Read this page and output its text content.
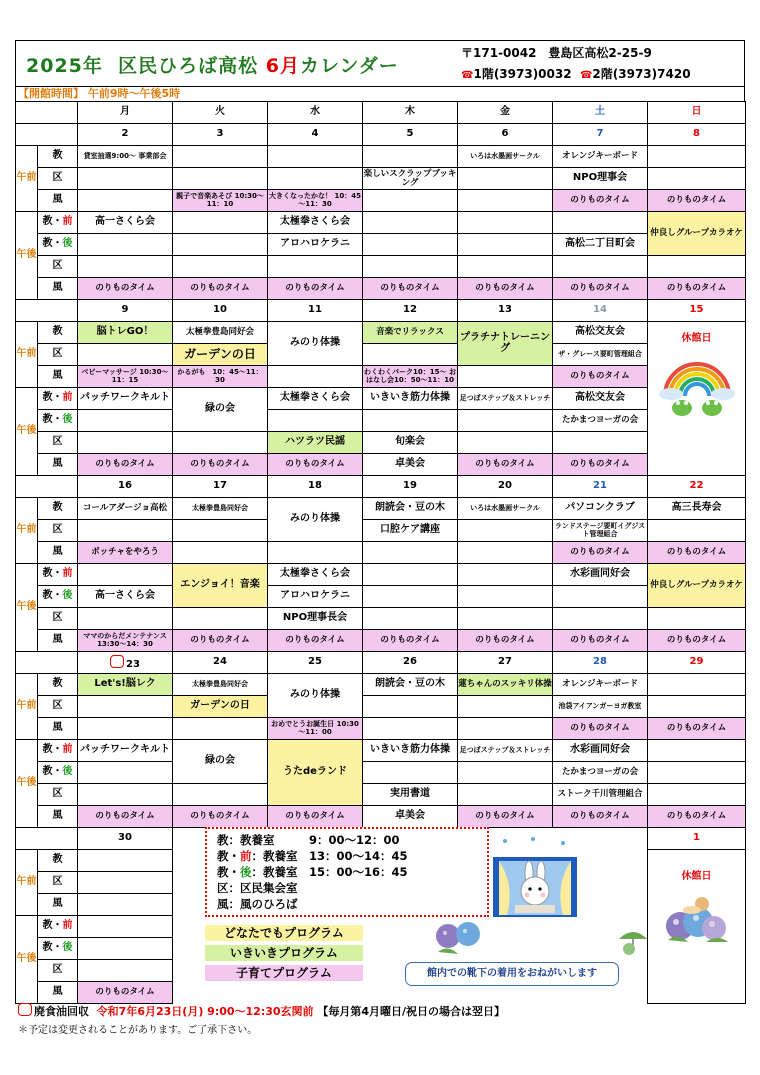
2025年 区民ひろば高松 6月カレンダー
〒171-0042　豊島区高松2-25-9
☎1階(3973)0032 ☎2階(3973)7420
【開館時間】 午前9時～午後5時
		月	火	水	木	金	土	日
		2	3	4	5	6	7	8
午前	教	貸室抽選9:00～ 事業部会				いろは水墨画サークル	オレンジキーボード	
	区				楽しいスクラップブッキング		NPO理事会	
	風		親子で音楽あそび 10:30～11：10	大きくなったかな！ 10：45～11：30			のりものタイム	のりものタイム
午後	教・前	高一さくら会		太極拳さくら会				仲良しグループカラオケ
	教・後			アロハロケラニ			高松二丁目町会	
	区							
	風	のりものタイム	のりものタイム	のりものタイム	のりものタイム	のりものタイム	のりものタイム	のりものタイム
		9	10	11	12	13	14	15
午前	教	脳トレGO！	太極拳豊島同好会	みのり体操	音楽でリラックス	プラチナトレーニング	高松交友会	休館日

	区		ガーデンの日				ザ・グレース要町管理組合	
	風	ベビーマッサージ 10:30～11：15	かるがも　10：45～11：30		わくわくパーク10：15～ おはなし会10：50～11：10		のりものタイム	
午後	教・前	パッチワークキルト	緑の会	太極拳さくら会	いきいき筋力体操	足つぼステップ＆ストレッチ	高松交友会	
	教・後						たかまつヨーガの会	
	区			ハツラツ民謡	旬楽会			
	風	のりものタイム	のりものタイム	のりものタイム	卓美会	のりものタイム	のりものタイム	
		16	17	18	19	20	21	22
午前	教	コールアダージョ高松	太極拳豊島同好会	みのり体操	朗読会・豆の木	いろは水墨画サークル	パソコンクラブ	高三長寿会
	区				口腔ケア講座		ランドステージ要町イグジスト管理組合	
	風	ボッチャをやろう					のりものタイム	のりものタイム
午後	教・前		エンジョイ！音楽	太極拳さくら会			水彩画同好会	仲良しグループカラオケ
	教・後	高一さくら会		アロハロケラニ				
	区			NPO理事長会				
	風	ママのからだメンテナンス 13:30～14：30	のりものタイム	のりものタイム	のりものタイム	のりものタイム	のりものタイム	のりものタイム
		23	24	25	26	27	28	29
午前	教	Let's!脳レク	太極拳豊島同好会	みのり体操	朗読会・豆の木	蓮ちゃんのスッキリ体操	オレンジキーボード	
	区		ガーデンの日				池袋アイアンガーヨガ教室	
	風			おめでとうお誕生日 10:30～11：00			のりものタイム	のりものタイム
午後	教・前	パッチワークキルト	緑の会	うたdeランド	いきいき筋力体操	足つぼステップ＆ストレッチ	水彩画同好会	
	教・後						たかまつヨーガの会	
	区				実用書道		ストーク千川管理組合	
	風	のりものタイム	のりものタイム	のりものタイム	卓美会	のりものタイム	のりものタイム	のりものタイム
		30						1
午前	教							休館日

	区							
	風							
午後	教・前							
	教・後							
	区							
	風	のりものタイム						
教：教養室　　　9：00～12：00
教・前：教養室　13：00～14：45
教・後：教養室　15：00～16：45
区：区民集会室
風：風のひろば
どなたでもプログラム
いきいきプログラム
子育てプログラム	館内での靴下の着用をおねがいします
廃食油回収 令和7年6月23日(月) 9:00～12:30玄関前 【毎月第4月曜日/祝日の場合は翌日】
＊予定は変更されることがあります。ご了承下さい。
